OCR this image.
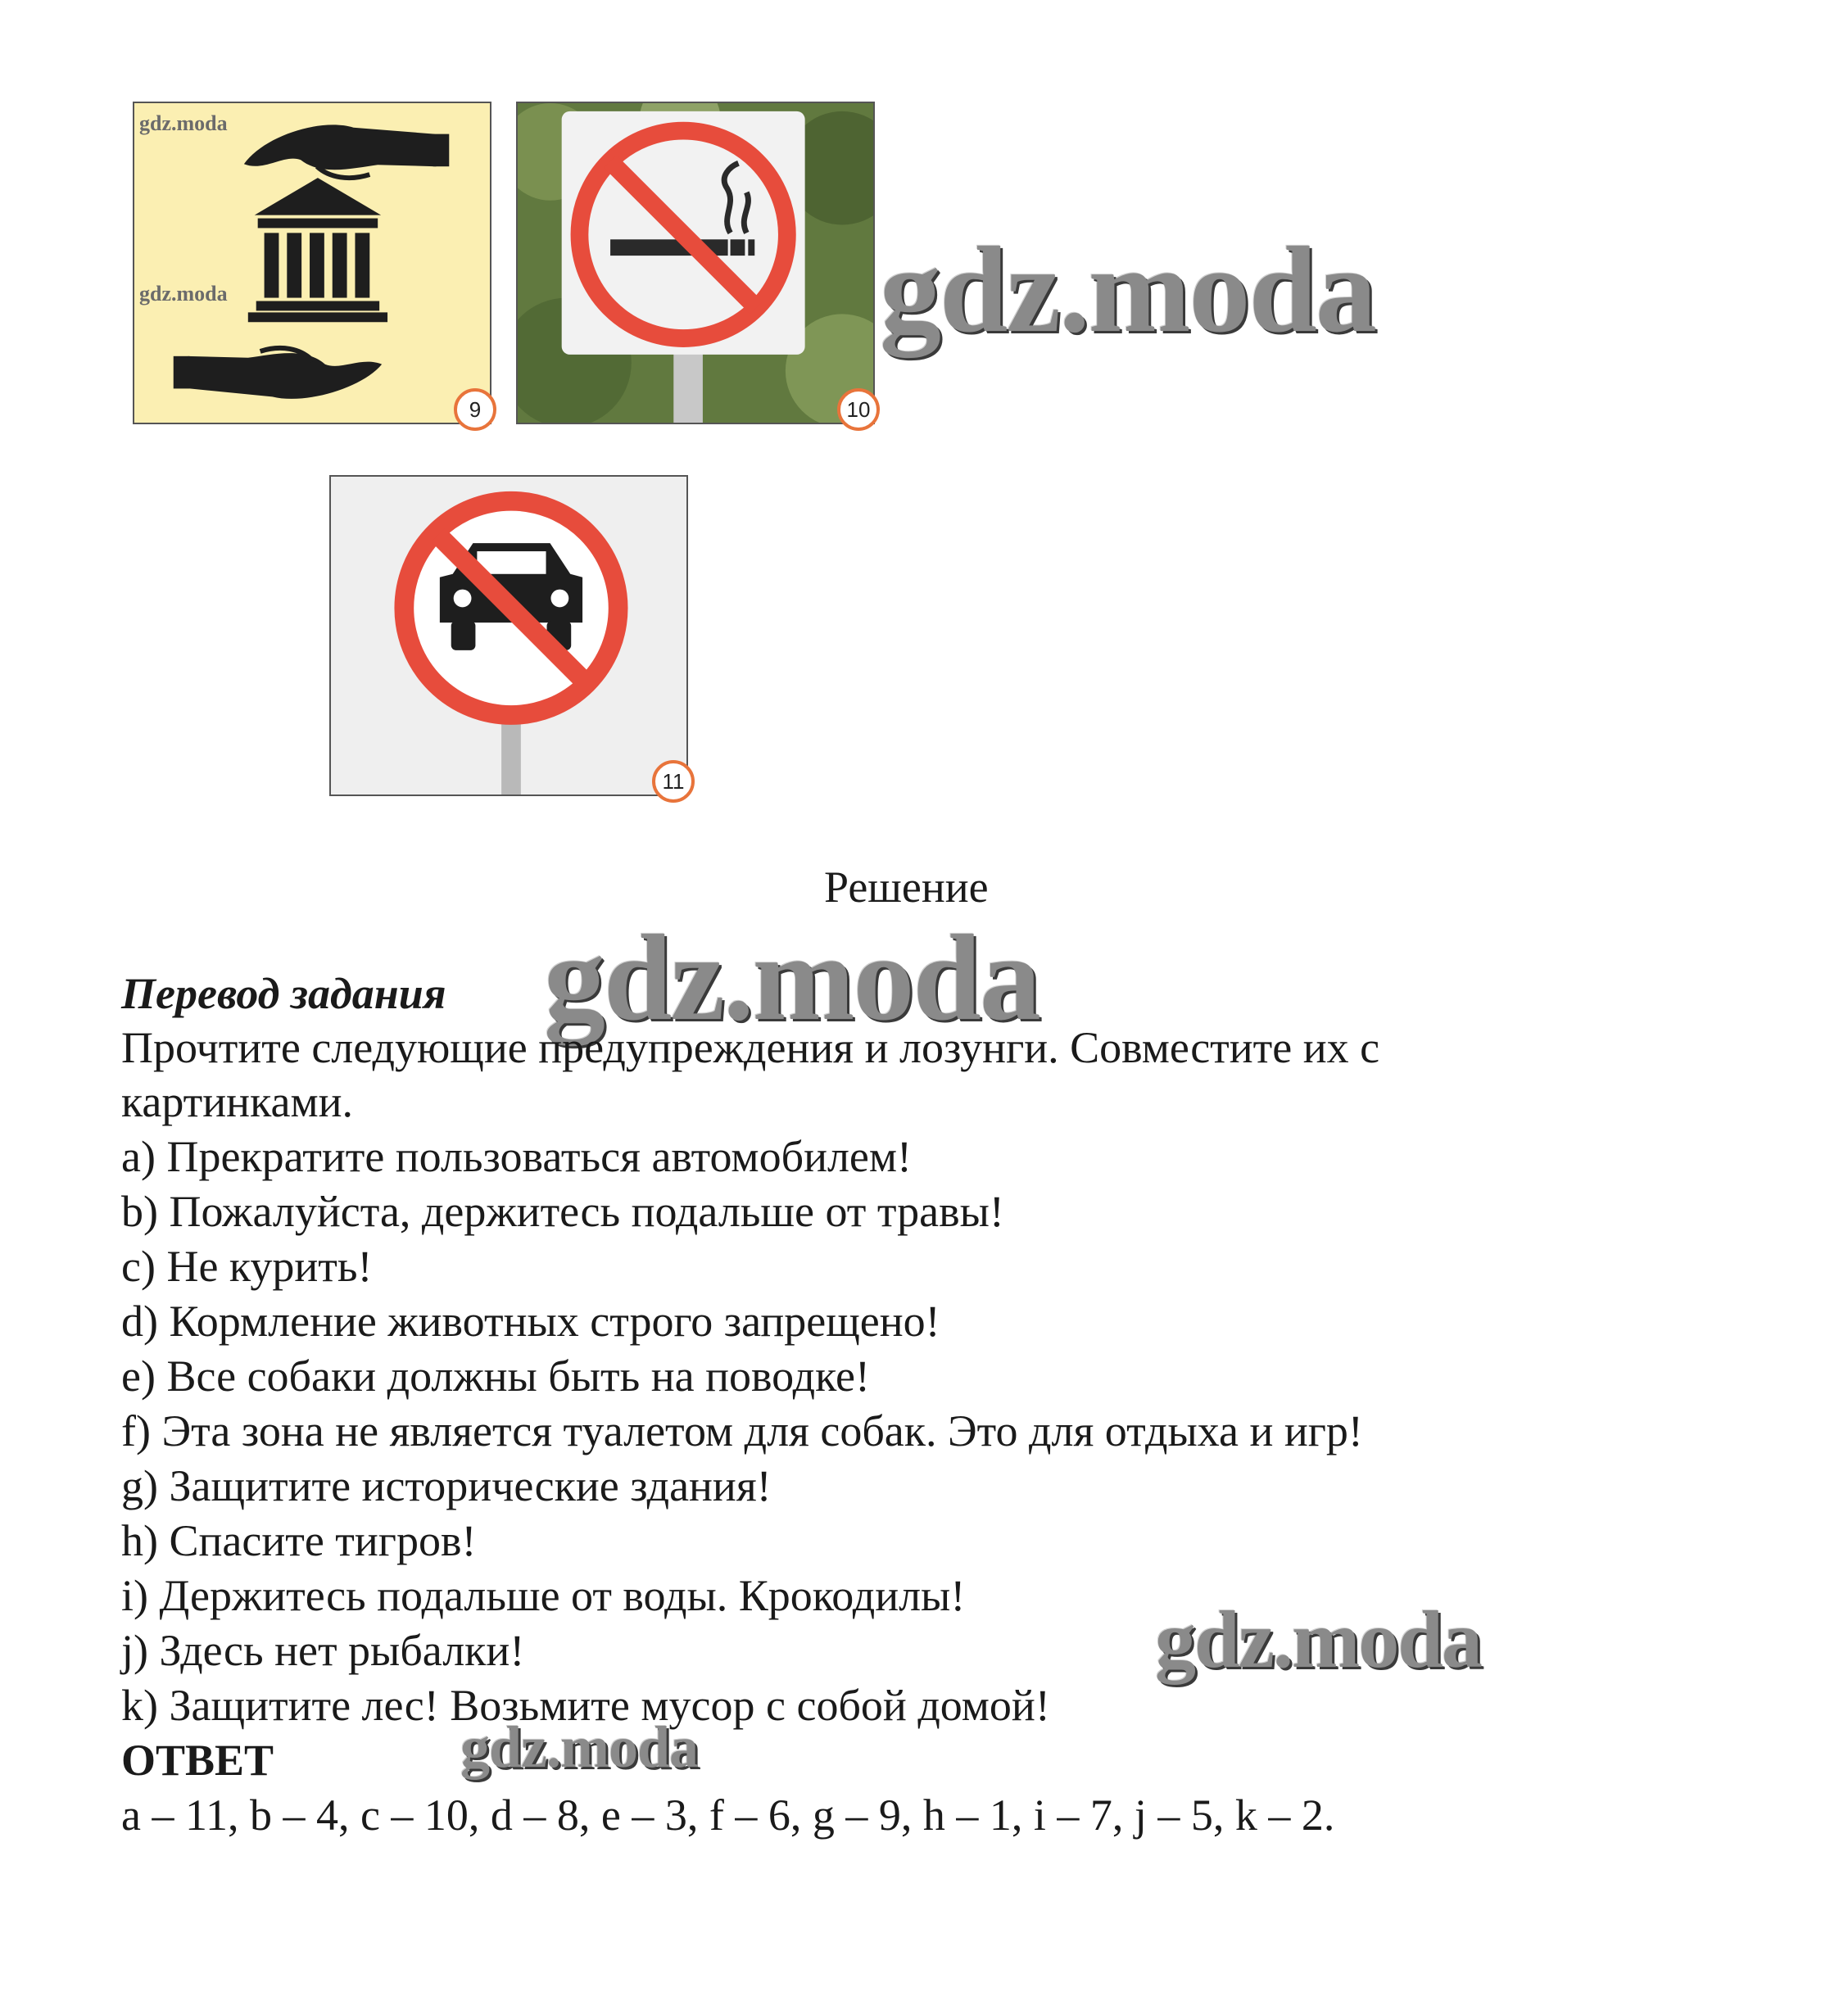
gdz.moda
gdz.moda
9	10
11
gdz.moda
gdz.moda
gdz.moda
gdz.moda
Решение
Перевод задания
Прочтите следующие предупреждения и лозунги. Совместите их с
картинками.
a) Прекратите пользоваться автомобилем!
b) Пожалуйста, держитесь подальше от травы!
c) Не курить!
d) Кормление животных строго запрещено!
e) Все собаки должны быть на поводке!
f) Эта зона не является туалетом для собак. Это для отдыха и игр!
g) Защитите исторические здания!
h) Спасите тигров!
i) Держитесь подальше от воды. Крокодилы!
j) Здесь нет рыбалки!
k) Защитите лес! Возьмите мусор с собой домой!
ОТВЕТ
a – 11, b – 4, c – 10, d – 8, e – 3, f – 6, g – 9, h – 1, i – 7, j – 5, k – 2.
